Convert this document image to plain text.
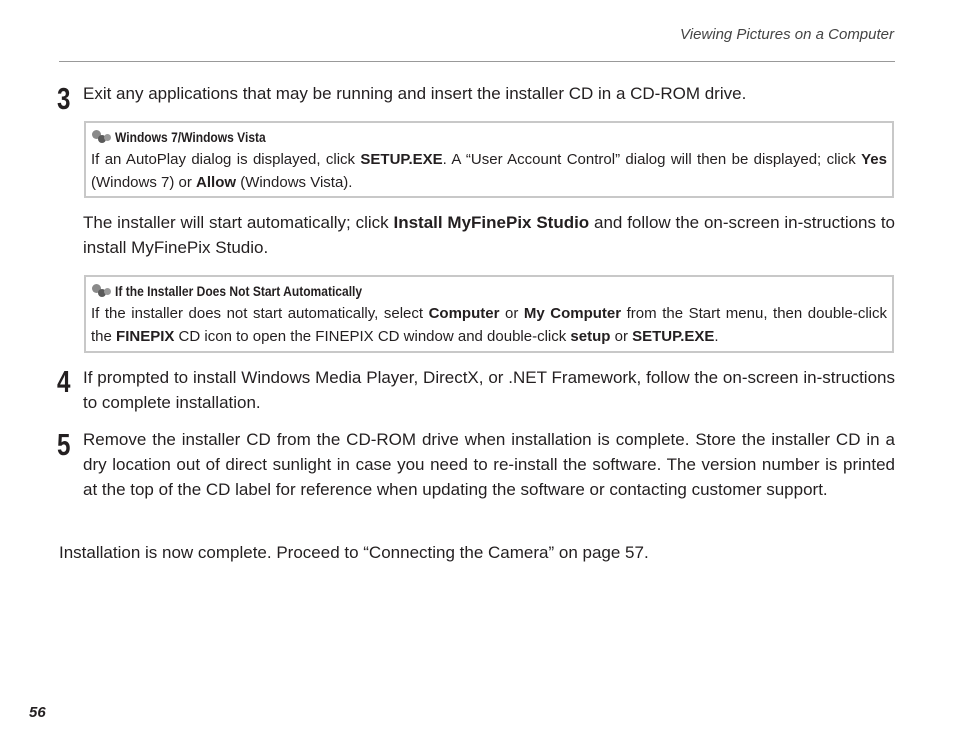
Viewing Pictures on a Computer
3 Exit any applications that may be running and insert the installer CD in a CD-ROM drive.
Windows 7/Windows Vista
If an AutoPlay dialog is displayed, click SETUP.EXE. A “User Account Control” dialog will then be displayed; click Yes (Windows 7) or Allow (Windows Vista).
The installer will start automatically; click Install MyFinePix Studio and follow the on-screen in-structions to install MyFinePix Studio.
If the Installer Does Not Start Automatically
If the installer does not start automatically, select Computer or My Computer from the Start menu, then double-click the FINEPIX CD icon to open the FINEPIX CD window and double-click setup or SETUP.EXE.
4 If prompted to install Windows Media Player, DirectX, or .NET Framework, follow the on-screen in-structions to complete installation.
5 Remove the installer CD from the CD-ROM drive when installation is complete. Store the installer CD in a dry location out of direct sunlight in case you need to re-install the software. The version number is printed at the top of the CD label for reference when updating the software or contacting customer support.
Installation is now complete. Proceed to “Connecting the Camera” on page 57.
56
